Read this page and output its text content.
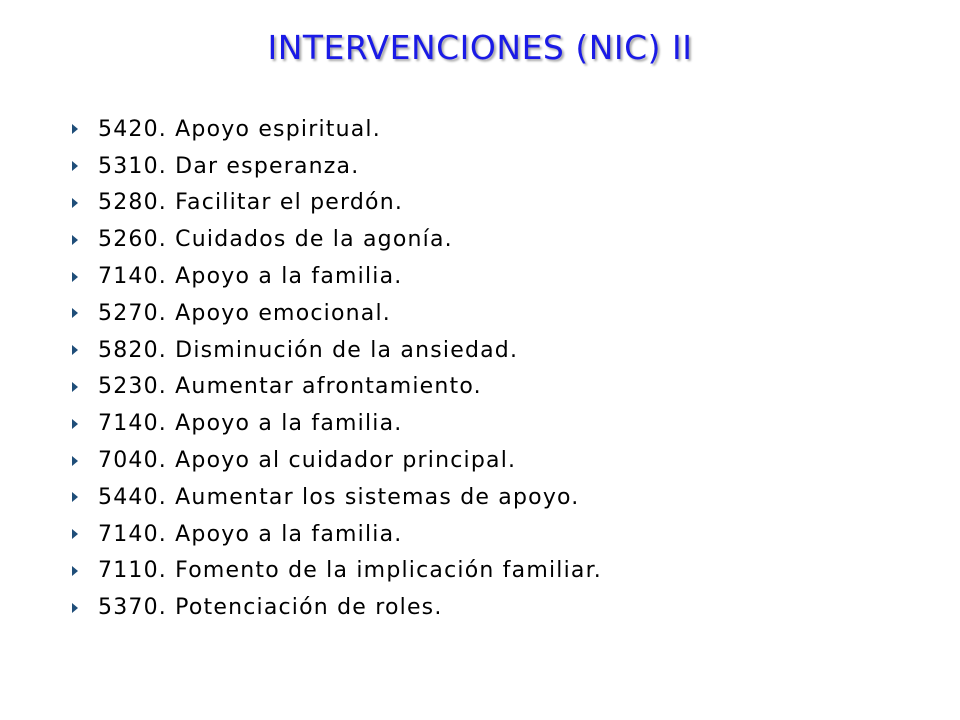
INTERVENCIONES (NIC) II
5420. Apoyo espiritual.
5310. Dar esperanza.
5280. Facilitar el perdón.
5260. Cuidados de la agonía.
7140. Apoyo a la familia.
5270. Apoyo emocional.
5820. Disminución de la ansiedad.
5230. Aumentar afrontamiento.
7140. Apoyo a la familia.
7040. Apoyo al cuidador principal.
5440. Aumentar los sistemas de apoyo.
7140. Apoyo a la familia.
7110. Fomento de la implicación familiar.
5370. Potenciación de roles.
